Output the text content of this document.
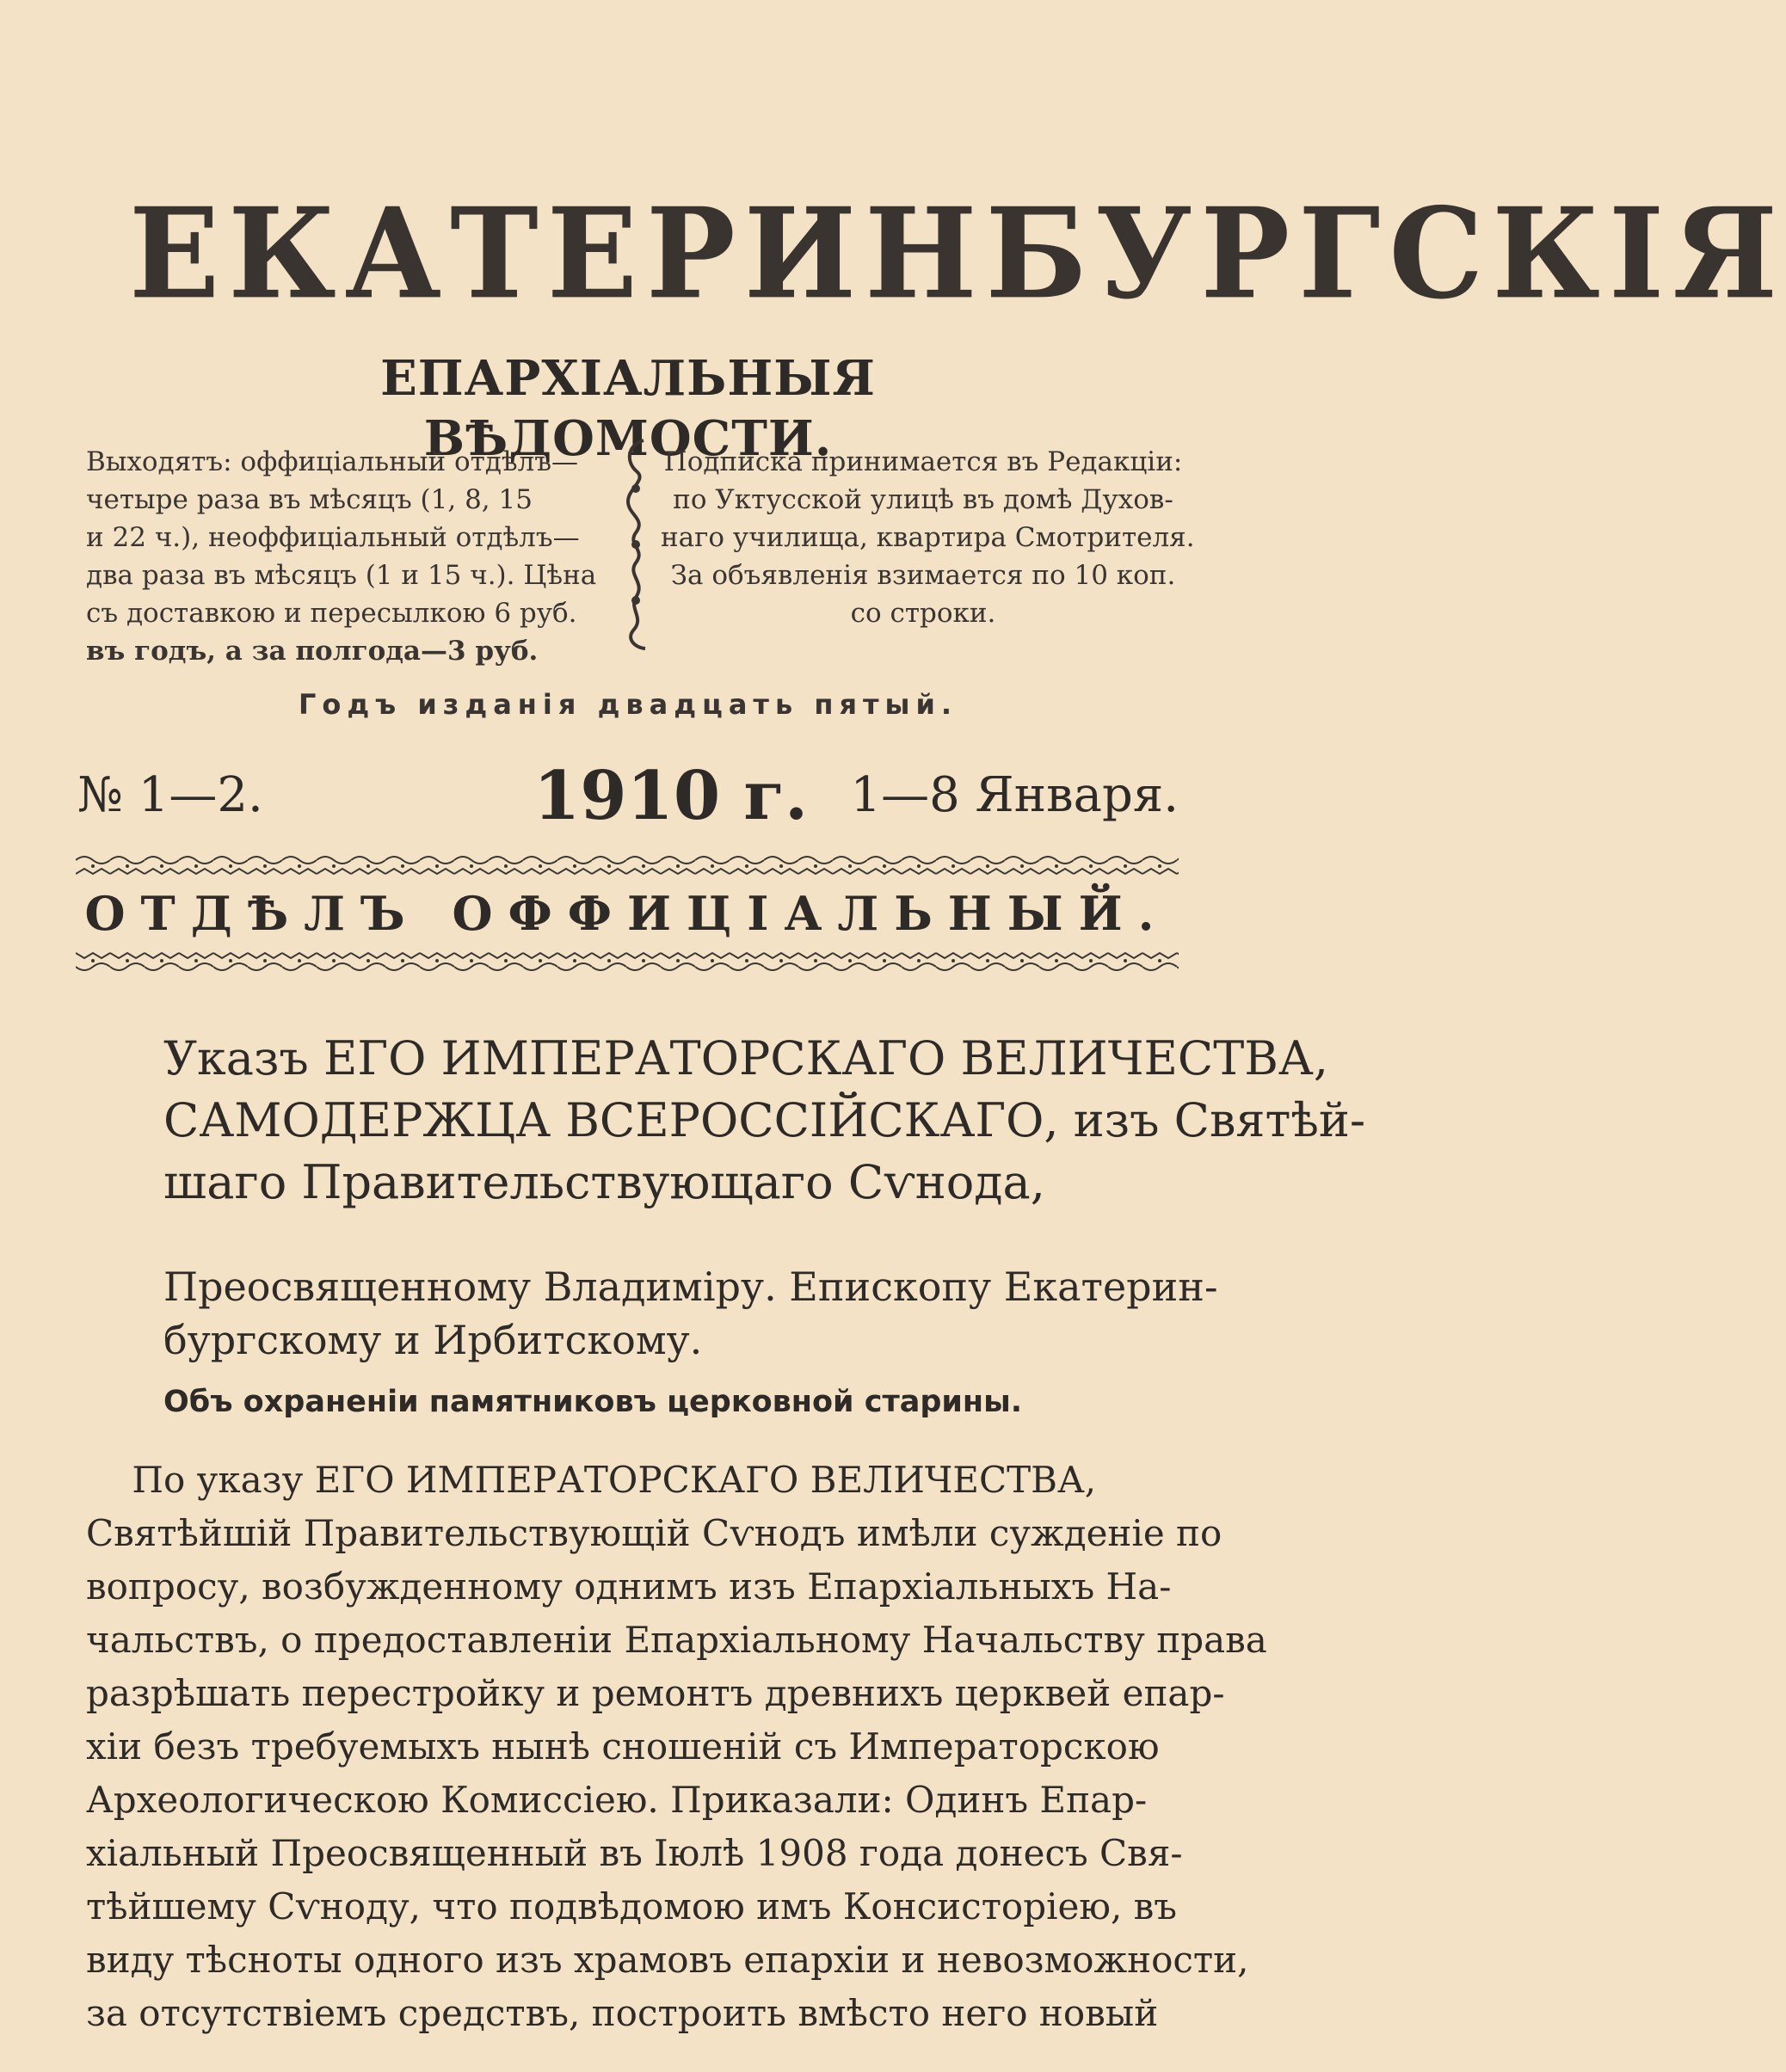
ЕКАТЕРИНБУРГСКІЯ
ЕПАРХІАЛЬНЫЯ ВѢДОМОСТИ.
Выходятъ: оффиціальный отдѣлъ—
четыре раза въ мѣсяцъ (1, 8, 15
и 22 ч.), неоффиціальный отдѣлъ—
два раза въ мѣсяцъ (1 и 15 ч.). Цѣна
съ доставкою и пересылкою 6 руб.
въ годъ, а за полгода—3 руб.
Подписка принимается въ Редакціи:
по Уктусской улицѣ въ домѣ Духов-
наго училища, квартира Смотрителя.
За объявленія взимается по 10 коп.
со строки.
Годъ изданія двадцать пятый.
№ 1—2.	1910 г. 1—8 Января.
ОТДѢЛЪ ОФФИЦІАЛЬНЫЙ.
Указъ ЕГО ИМПЕРАТОРСКАГО ВЕЛИЧЕСТВА,
САМОДЕРЖЦА ВСЕРОССІЙСКАГО, изъ Святѣй-
шаго Правительствующаго Сѵнода,
Преосвященному Владиміру. Епископу Екатерин-
бургскому и Ирбитскому.
Объ охраненіи памятниковъ церковной старины.
По указу ЕГО ИМПЕРАТОРСКАГО ВЕЛИЧЕСТВА,
Святѣйшій Правительствующій Сѵнодъ имѣли сужденіе по
вопросу, возбужденному однимъ изъ Епархіальныхъ На-
чальствъ, о предоставленіи Епархіальному Начальству права
разрѣшать перестройку и ремонтъ древнихъ церквей епар-
хіи безъ требуемыхъ нынѣ сношеній съ Императорскою
Археологическою Комиссіею. Приказали: Одинъ Епар-
хіальный Преосвященный въ Іюлѣ 1908 года донесъ Свя-
тѣйшему Сѵноду, что подвѣдомою имъ Консисторіею, въ
виду тѣсноты одного изъ храмовъ епархіи и невозможности,
за отсутствіемъ средствъ, построить вмѣсто него новый
